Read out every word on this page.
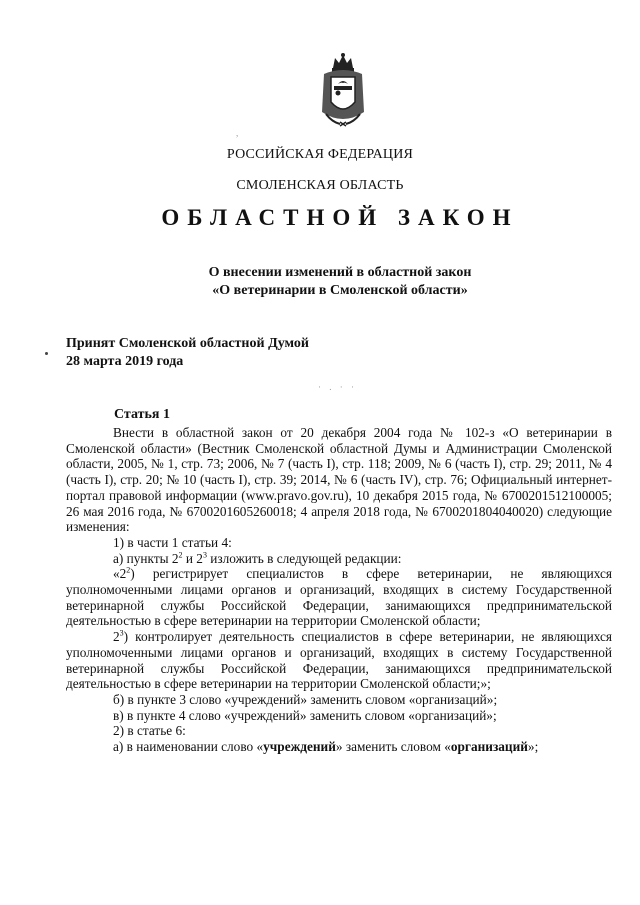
,
· . · ·
РОССИЙСКАЯ ФЕДЕРАЦИЯ
СМОЛЕНСКАЯ ОБЛАСТЬ
ОБЛАСТНОЙ ЗАКОН
О внесении изменений в областной закон
«О ветеринарии в Смоленской области»
Принят Смоленской областной Думой
28 марта 2019 года
Статья 1

Внести в областной закон от 20 декабря 2004 года № 102-з «О ветеринарии в Смоленской области» (Вестник Смоленской областной Думы и Администрации Смоленской области, 2005, № 1, стр. 73; 2006, № 7 (часть I), стр. 118; 2009, № 6 (часть I), стр. 29; 2011, № 4 (часть I), стр. 20; № 10 (часть I), стр. 39; 2014, № 6 (часть IV), стр. 76; Официальный интернет-портал правовой информации (www.pravo.gov.ru), 10 декабря 2015 года, № 6700201512100005; 26 мая 2016 года, № 6700201605260018; 4 апреля 2018 года, № 6700201804040020) следующие изменения:

1) в части 1 статьи 4:

а) пункты $2^2$ и $2^3$ изложить в следующей редакции:

«$2^2$) регистрирует специалистов в сфере ветеринарии, не являющихся уполномоченными лицами органов и организаций, входящих в систему Государственной ветеринарной службы Российской Федерации, занимающихся предпринимательской деятельностью в сфере ветеринарии на территории Смоленской области;

$2^3$) контролирует деятельность специалистов в сфере ветеринарии, не являющихся уполномоченными лицами органов и организаций, входящих в систему Государственной ветеринарной службы Российской Федерации, занимающихся предпринимательской деятельностью в сфере ветеринарии на территории Смоленской области;»;

б) в пункте 3 слово «учреждений» заменить словом «организаций»;

в) в пункте 4 слово «учреждений» заменить словом «организаций»;

2) в статье 6:

а) в наименовании слово «учреждений» заменить словом «организаций»;
